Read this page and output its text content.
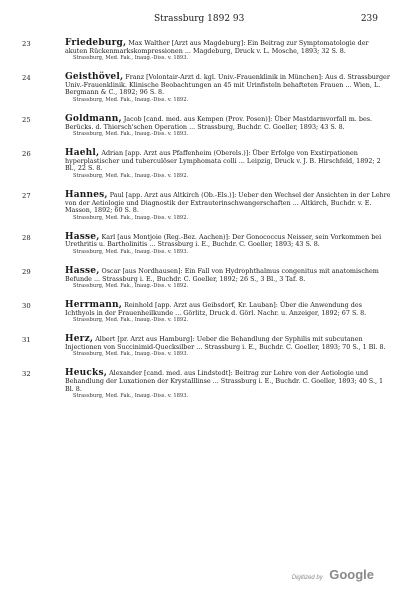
Strassburg 1892 93	239
23	Friedeburg, Max Walther [Arzt aus Magdeburg]: Ein Beitrag zur Symptomatologie der akuten Rückenmarkskompressionen ... Magdeburg, Druck v. L. Mosche, 1893; 32 S. 8.
Strassburg, Med. Fak., Inaug.-Diss. v. 1893.
24	Geisthövel, Franz [Volontair-Arzt d. kgl. Univ.-Frauenklinik in München]: Aus d. Strassburger Univ.-Frauenklinik. Klinische Beobachtungen an 45 mit Urinfisteln behafteten Frauen ... Wien, L. Bergmann & C., 1892; 96 S. 8.
Strassburg, Med. Fak., Inaug.-Diss. v. 1892.
25	Goldmann, Jacob [cand. med. aus Kempen (Prov. Posen)]: Über Mastdarmvorfall m. bes. Berücks. d. Thiersch'schen Operation ... Strassburg, Buchdr. C. Goeller, 1893; 43 S. 8.
Strassburg, Med. Fak., Inaug.-Diss. v. 1893.
26	Haehl, Adrian [app. Arzt aus Pfaffenheim (Oberels.)]: Über Erfolge von Exstirpationen hyperplastischer und tuberculöser Lymphomata colli ... Leipzig, Druck v. J. B. Hirschfeld, 1892; 2 Bl., 22 S. 8.
Strassburg, Med. Fak., Inaug.-Diss. v. 1892.
27	Hannes, Paul [app. Arzt aus Altkirch (Ob.-Els.)]: Ueber den Wechsel der Ansichten in der Lehre von der Aetiologie und Diagnostik der Extrauterinschwangerschaften ... Altkirch, Buchdr. v. E. Masson, 1892; 60 S. 8.
Strassburg, Med. Fak., Inaug.-Diss. v. 1892.
28	Hasse, Karl [aus Montjoie (Reg.-Bez. Aachen)]: Der Gonococcus Neisser, sein Vorkommen bei Urethritis u. Bartholinitis ... Strassburg i. E., Buchdr. C. Goeller, 1893; 43 S. 8.
Strassburg, Med. Fak., Inaug.-Diss. v. 1893.
29	Hasse, Oscar [aus Nordhausen]: Ein Fall von Hydrophthalmus congenitus mit anatomischem Befunde ... Strassburg i. E., Buchdr. C. Goeller, 1892; 26 S., 3 Bl., 3 Taf. 8.
Strassburg, Med. Fak., Inaug.-Diss. v. 1892.
30	Herrmann, Reinhold [app. Arzt aus Geibsdorf, Kr. Lauban]: Über die Anwendung des Ichthyols in der Frauenheilkunde ... Görlitz, Druck d. Görl. Nachr. u. Anzeiger, 1892; 67 S. 8.
Strassburg, Med. Fak., Inaug.-Diss. v. 1892.
31	Herz, Albert [pr. Arzt aus Hamburg]: Ueber die Behandlung der Syphilis mit subcutanen Injectionen von Succinimid-Quecksilber ... Strassburg i. E., Buchdr. C. Goeller, 1893; 70 S., 1 Bl. 8.
Strassburg, Med. Fak., Inaug.-Diss. v. 1893.
32	Heucks, Alexander [cand. med. aus Lindstedt]: Beitrag zur Lehre von der Aetiologie und Behandlung der Luxationen der Krystalllinse ... Strassburg i. E., Buchdr. C. Goeller, 1893; 40 S., 1 Bl. 8.
Strassburg, Med. Fak., Inaug.-Diss. v. 1893.
Digitized by Google
